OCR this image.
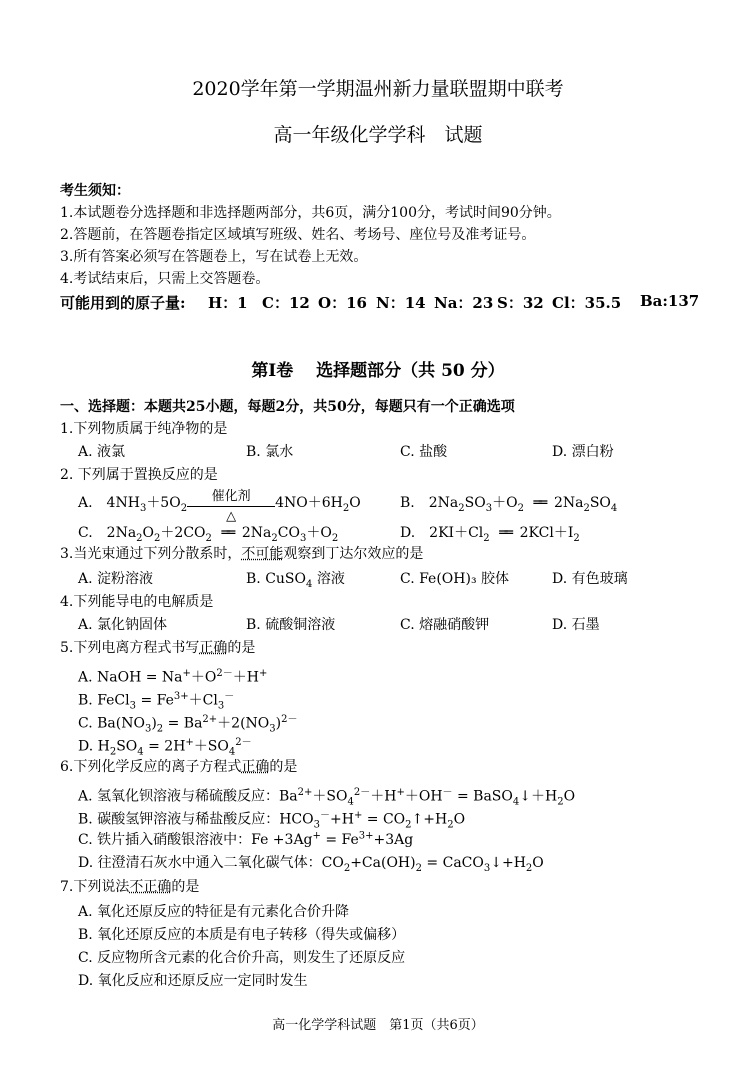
2020学年第一学期温州新力量联盟期中联考
高一年级化学学科　试题
考生须知：
1.本试题卷分选择题和非选择题两部分，共6页，满分100分，考试时间90分钟。
2.答题前，在答题卷指定区域填写班级、姓名、考场号、座位号及准考证号。
3.所有答案必须写在答题卷上，写在试卷上无效。
4.考试结束后，只需上交答题卷。
可能用到的原子量: H：1 C：12 O：16 N：14 Na：23 S：32 Cl：35.5 Ba:137
第Ⅰ卷　 选择题部分（共 50 分）
一、选择题：本题共25小题，每题2分，共50分，每题只有一个正确选项
1.下列物质属于纯净物的是
A. 液氯	B. 氯水	C. 盐酸	D. 漂白粉
2. 下列属于置换反应的是
A.　$4NH_3+5O_2$
催化剂
△
$4NO+6H_2O$	B.　$2Na_2SO_3+O_2$ ══ $2Na_2SO_4$
C.　$2Na_2O_2+2CO_2$ ══ $2Na_2CO_3+O_2$	D.　$2KI+Cl_2$ ══ $2KCl+I_2$
3.当光束通过下列分散系时，不可能观察到丁达尔效应的是
A. 淀粉溶液	B. CuSO$_4$ 溶液	C. Fe(OH)₃ 胶体	D. 有色玻璃
4.下列能导电的电解质是
A. 氯化钠固体	B. 硫酸铜溶液	C. 熔融硝酸钾	D. 石墨
5.下列电离方程式书写正确的是
A. NaOH = $Na^++O^{2-}+H^+$
B. FeCl$_3$ = $Fe^{3+}+Cl_3^-$
C. $Ba(NO_3)_2 = Ba^{2+}+2(NO_3)^{2-}$
D. $H_2SO_4 = 2H^++SO_4^{2-}$
6.下列化学反应的离子方程式正确的是
A. 氢氧化钡溶液与稀硫酸反应：$Ba^{2+}+SO_4^{2-}+H^++OH^-$ = $BaSO_4↓+H_2O$
B. 碳酸氢钾溶液与稀盐酸反应：$HCO_3^-+H^+$ = $CO_2↑+H_2O$
C. 铁片插入硝酸银溶液中：$Fe +3Ag^+ = Fe^{3+}+3Ag$
D. 往澄清石灰水中通入二氧化碳气体：$CO_2+Ca(OH)_2$ = $CaCO_3↓+H_2O$
7.下列说法不正确的是
A. 氧化还原反应的特征是有元素化合价升降
B. 氧化还原反应的本质是有电子转移（得失或偏移）
C. 反应物所含元素的化合价升高，则发生了还原反应
D. 氧化反应和还原反应一定同时发生
高一化学学科试题　第1页（共6页）
